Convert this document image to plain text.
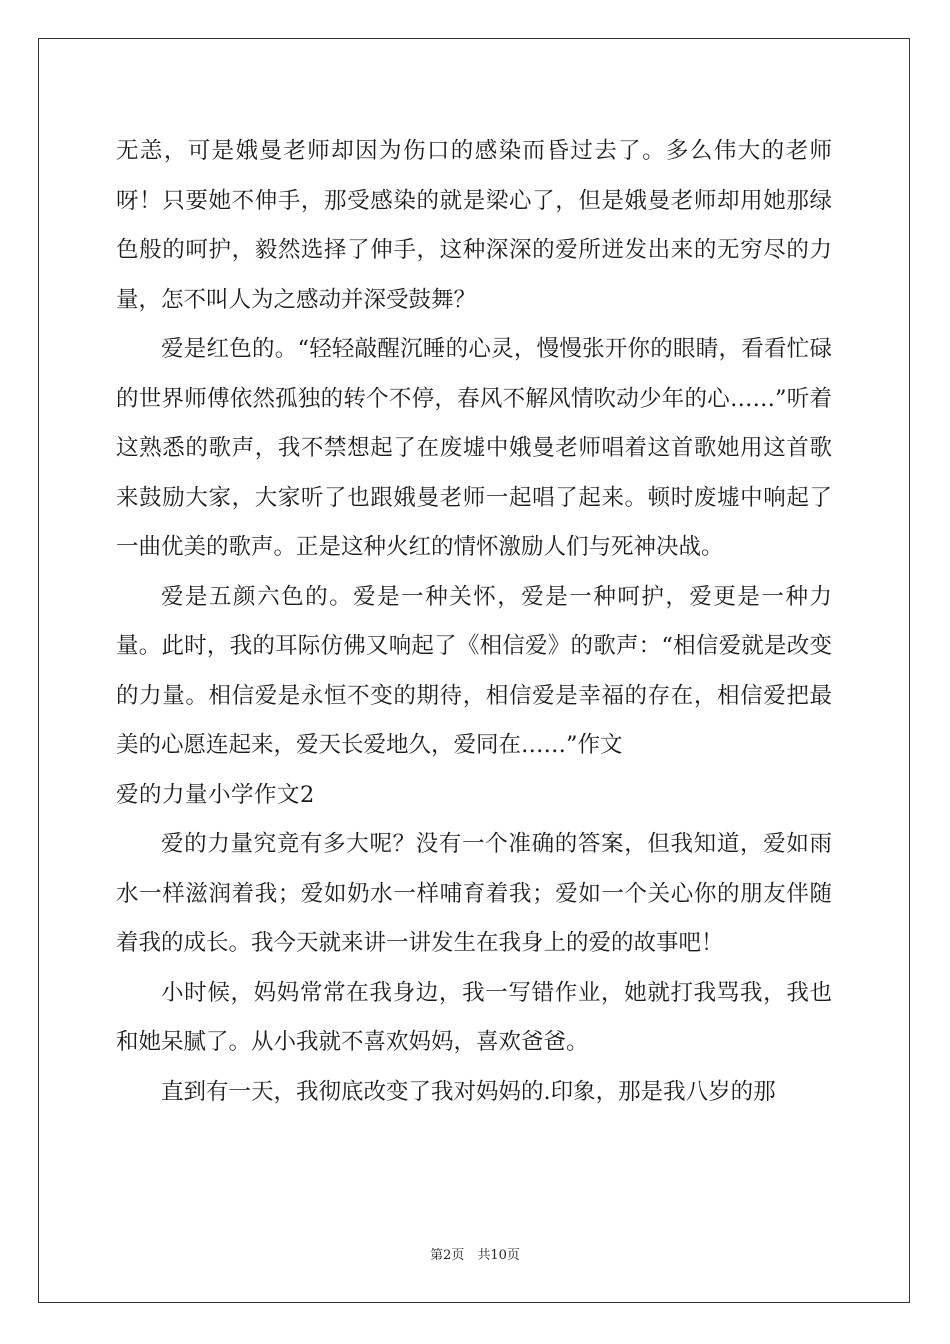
无恙，可是娥曼老师却因为伤口的感染而昏过去了。多么伟大的老师呀！只要她不伸手，那受感染的就是梁心了，但是娥曼老师却用她那绿色般的呵护，毅然选择了伸手，这种深深的爱所迸发出来的无穷尽的力量，怎不叫人为之感动并深受鼓舞？

爱是红色的。“轻轻敲醒沉睡的心灵，慢慢张开你的眼睛，看看忙碌的世界师傅依然孤独的转个不停，春风不解风情吹动少年的心……”听着这熟悉的歌声，我不禁想起了在废墟中娥曼老师唱着这首歌她用这首歌来鼓励大家，大家听了也跟娥曼老师一起唱了起来。顿时废墟中响起了一曲优美的歌声。正是这种火红的情怀激励人们与死神决战。

爱是五颜六色的。爱是一种关怀，爱是一种呵护，爱更是一种力量。此时，我的耳际仿佛又响起了《相信爱》的歌声：“相信爱就是改变的力量。相信爱是永恒不变的期待，相信爱是幸福的存在，相信爱把最美的心愿连起来，爱天长爱地久，爱同在……”作文

爱的力量小学作文2

爱的力量究竟有多大呢？没有一个准确的答案，但我知道，爱如雨水一样滋润着我；爱如奶水一样哺育着我；爱如一个关心你的朋友伴随着我的成长。我今天就来讲一讲发生在我身上的爱的故事吧！

小时候，妈妈常常在我身边，我一写错作业，她就打我骂我，我也和她呆腻了。从小我就不喜欢妈妈，喜欢爸爸。

直到有一天，我彻底改变了我对妈妈的.印象，那是我八岁的那

第2页　共10页
